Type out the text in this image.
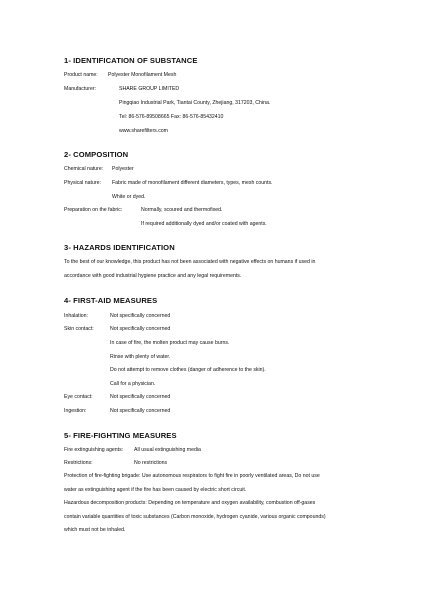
1- IDENTIFICATION OF SUBSTANCE
Product name: Polyester Monofilament Mesh
Manufacturer:	SHARE GROUP LIMITED
Pingqiao Industrial Park, Tiantai County, Zhejiang, 317203, China.
Tel: 86-576-89508665 Fax: 86-576-85432410
www.sharefilters.com
2- COMPOSITION
Chemical nature: Polyester
Physical nature: Fabric made of monofilament different diameters, types, mesh counts.
White or dyed.
Preparation on the fabric:	Normally, scoured and thermofixed.
If required additionally dyed and/or coated with agents.
3- HAZARDS IDENTIFICATION
To the best of our knowledge, this product has not been associated with negative effects on humans if used in
accordance with good industrial hygiene practice and any legal requirements.
4- FIRST-AID MEASURES
Inhalation:	Not specifically concerned
Skin contact:	Not specifically concerned
In case of fire, the molten product may cause burns.
Rinse with plenty of water.
Do not attempt to remove clothes (danger of adherence to the skin).
Call for a physician.
Eye contact:	Not specifically concerned
Ingestion:	Not specifically concerned
5- FIRE-FIGHTING MEASURES
Fire extinguishing agents: All usual extinguishing media
Restrictions:	No restrictions
Protection of fire-fighting brigade: Use autonomous respirators to fight fire in poorly ventilated areas, Do not use
water as extinguishing agent if the fire has been caused by electric short circuit.
Hazardous decomposition products: Depending on temperature and oxygen availability, combustion off-gases
contain variable quantities of toxic substances (Carbon monoxide, hydrogen cyanide, various organic compounds)
which must not be inhaled.
